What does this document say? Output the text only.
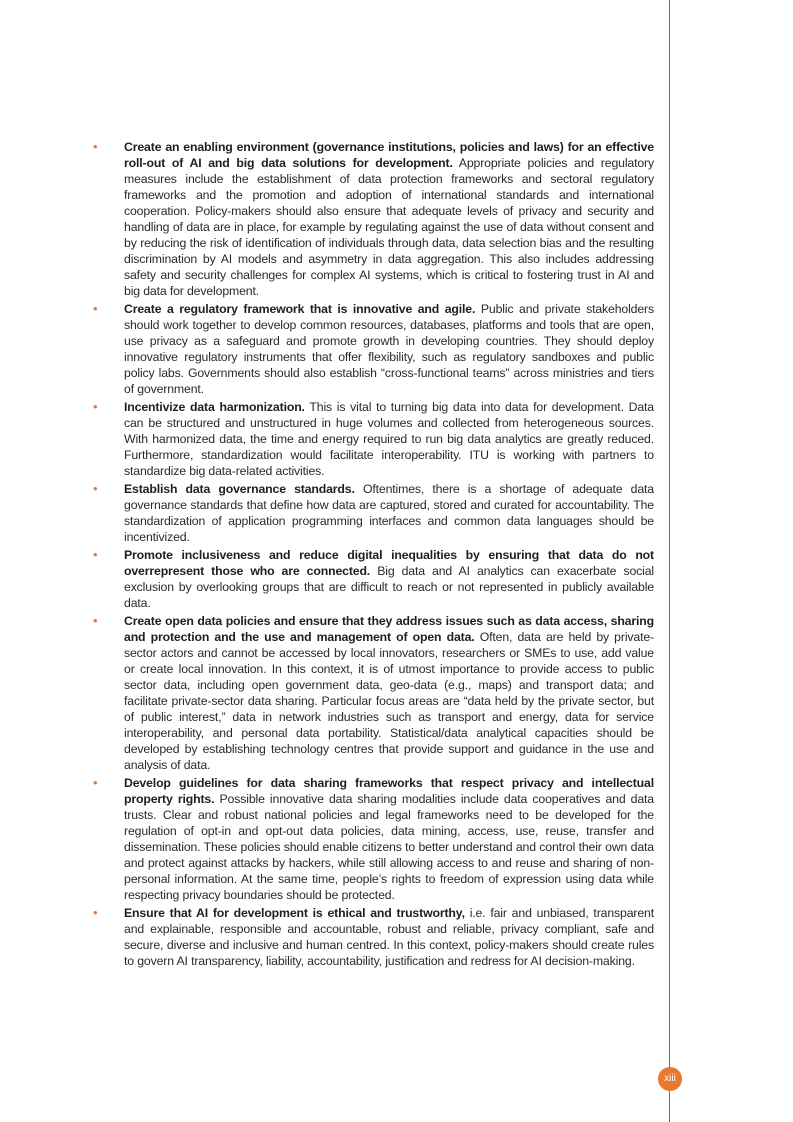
• Create an enabling environment (governance institutions, policies and laws) for an effective roll-out of AI and big data solutions for development. Appropriate policies and regulatory measures include the establishment of data protection frameworks and sectoral regulatory frameworks and the promotion and adoption of international standards and international cooperation. Policy-makers should also ensure that adequate levels of privacy and security and handling of data are in place, for example by regulating against the use of data without consent and by reducing the risk of identification of individuals through data, data selection bias and the resulting discrimination by AI models and asymmetry in data aggregation. This also includes addressing safety and security challenges for complex AI systems, which is critical to fostering trust in AI and big data for development.
• Create a regulatory framework that is innovative and agile. Public and private stakeholders should work together to develop common resources, databases, platforms and tools that are open, use privacy as a safeguard and promote growth in developing countries. They should deploy innovative regulatory instruments that offer flexibility, such as regulatory sandboxes and public policy labs. Governments should also establish “cross-functional teams” across ministries and tiers of government.
• Incentivize data harmonization. This is vital to turning big data into data for development. Data can be structured and unstructured in huge volumes and collected from heterogeneous sources. With harmonized data, the time and energy required to run big data analytics are greatly reduced. Furthermore, standardization would facilitate interoperability. ITU is working with partners to standardize big data-related activities.
• Establish data governance standards. Oftentimes, there is a shortage of adequate data governance standards that define how data are captured, stored and curated for accountability. The standardization of application programming interfaces and common data languages should be incentivized.
• Promote inclusiveness and reduce digital inequalities by ensuring that data do not overrepresent those who are connected. Big data and AI analytics can exacerbate social exclusion by overlooking groups that are difficult to reach or not represented in publicly available data.
• Create open data policies and ensure that they address issues such as data access, sharing and protection and the use and management of open data. Often, data are held by private-sector actors and cannot be accessed by local innovators, researchers or SMEs to use, add value or create local innovation. In this context, it is of utmost importance to provide access to public sector data, including open government data, geo-data (e.g., maps) and transport data; and facilitate private-sector data sharing. Particular focus areas are “data held by the private sector, but of public interest,” data in network industries such as transport and energy, data for service interoperability, and personal data portability. Statistical/data analytical capacities should be developed by establishing technology centres that provide support and guidance in the use and analysis of data.
• Develop guidelines for data sharing frameworks that respect privacy and intellectual property rights. Possible innovative data sharing modalities include data cooperatives and data trusts. Clear and robust national policies and legal frameworks need to be developed for the regulation of opt-in and opt-out data policies, data mining, access, use, reuse, transfer and dissemination. These policies should enable citizens to better understand and control their own data and protect against attacks by hackers, while still allowing access to and reuse and sharing of non-personal information. At the same time, people’s rights to freedom of expression using data while respecting privacy boundaries should be protected.
• Ensure that AI for development is ethical and trustworthy, i.e. fair and unbiased, transparent and explainable, responsible and accountable, robust and reliable, privacy compliant, safe and secure, diverse and inclusive and human centred. In this context, policy-makers should create rules to govern AI transparency, liability, accountability, justification and redress for AI decision-making.
xiii
